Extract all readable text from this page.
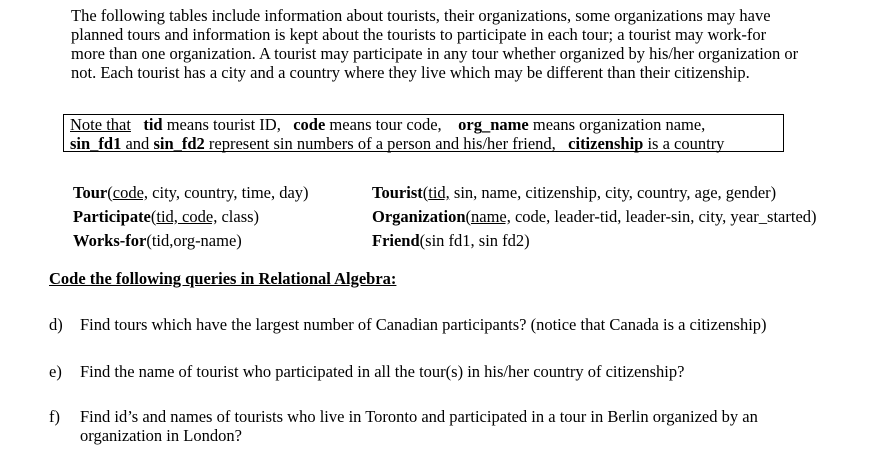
The following tables include information about tourists, their organizations, some organizations may have
planned tours and information is kept about the tourists to participate in each tour; a tourist may work-for
more than one organization. A tourist may participate in any tour whether organized by his/her organization or
not. Each tourist has a city and a country where they live which may be different than their citizenship.
Note that tid means tourist ID, code means tour code, org_name means organization name,
sin_fd1 and sin_fd2 represent sin numbers of a person and his/her friend, citizenship is a country
Tour(code, city, country, time, day)
Participate(tid, code, class)
Works-for(tid,org-name)
Tourist(tid, sin, name, citizenship, city, country, age, gender)
Organization(name, code, leader-tid, leader-sin, city, year_started)
Friend(sin fd1, sin fd2)
Code the following queries in Relational Algebra:
d)	Find tours which have the largest number of Canadian participants? (notice that Canada is a citizenship)
e)	Find the name of tourist who participated in all the tour(s) in his/her country of citizenship?
f)	Find id’s and names of tourists who live in Toronto and participated in a tour in Berlin organized by an organization in London?
